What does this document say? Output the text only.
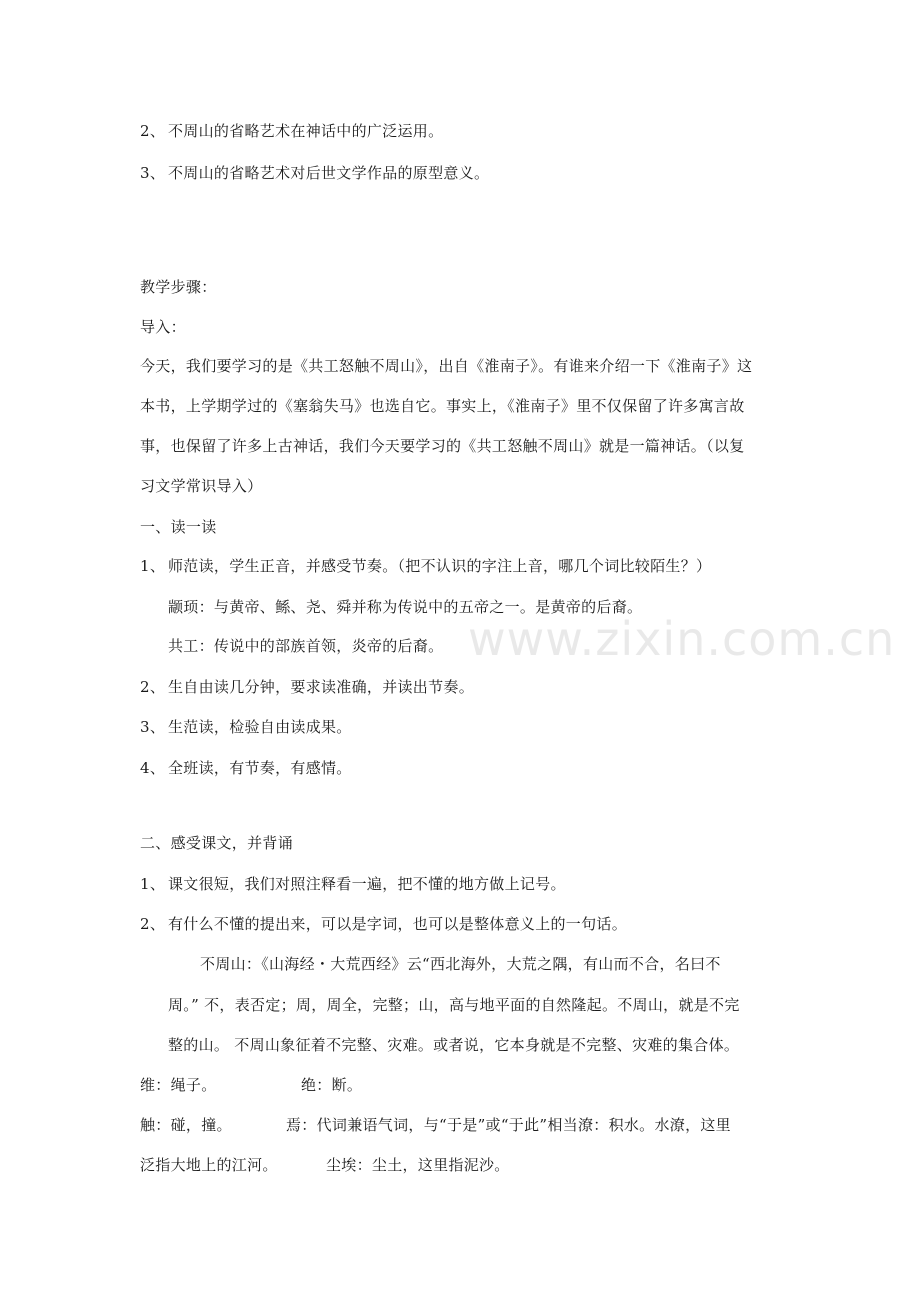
www.zixin.com.cn
2、 不周山的省略艺术在神话中的广泛运用。
3、 不周山的省略艺术对后世文学作品的原型意义。
教学步骤：
导入：
今天，我们要学习的是《共工怒触不周山》，出自《淮南子》。有谁来介绍一下《淮南子》这
本书，上学期学过的《塞翁失马》也选自它。事实上，《淮南子》里不仅保留了许多寓言故
事，也保留了许多上古神话，我们今天要学习的《共工怒触不周山》就是一篇神话。（以复
习文学常识导入）
一、读一读
1、 师范读，学生正音，并感受节奏。（把不认识的字注上音，哪几个词比较陌生？）
颛顼：与黄帝、鲧、尧、舜并称为传说中的五帝之一。是黄帝的后裔。
共工：传说中的部族首领，炎帝的后裔。
2、 生自由读几分钟，要求读准确，并读出节奏。
3、 生范读，检验自由读成果。
4、 全班读，有节奏，有感情。
二、感受课文，并背诵
1、 课文很短，我们对照注释看一遍，把不懂的地方做上记号。
2、 有什么不懂的提出来，可以是字词，也可以是整体意义上的一句话。
不周山：《山海经・大荒西经》云“西北海外，大荒之隅，有山而不合，名曰不
周。” 不，表否定；周，周全，完整；山，高与地平面的自然隆起。不周山，就是不完
整的山。 不周山象征着不完整、灾难。或者说，它本身就是不完整、灾难的集合体。
维：绳子。	绝：断。
触：碰，撞。	焉：代词兼语气词，与“于是”或“于此”相当潦：积水。水潦，这里
泛指大地上的江河。	尘埃：尘土，这里指泥沙。
